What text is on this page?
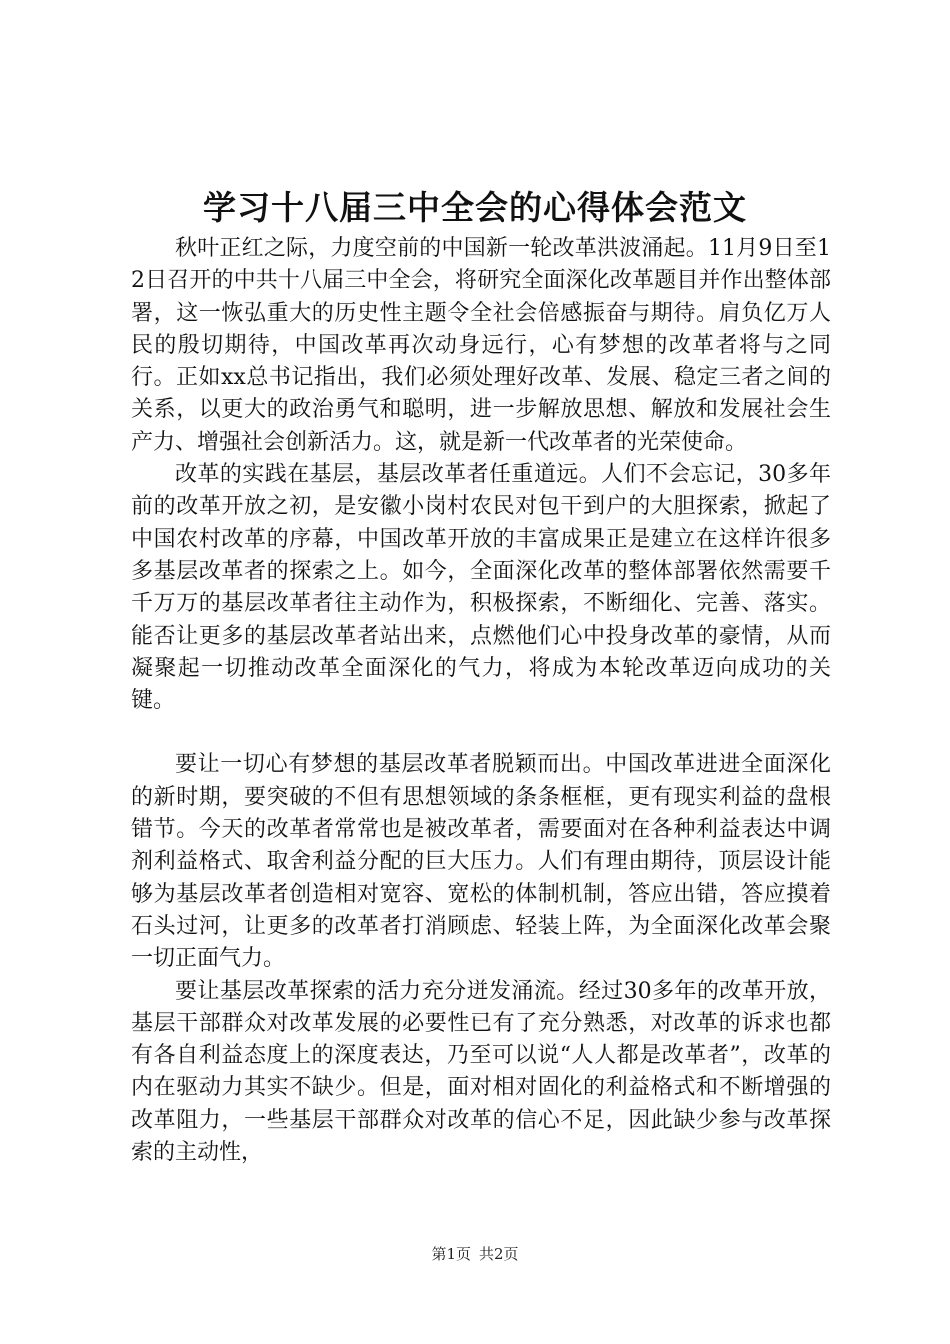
学习十八届三中全会的心得体会范文

秋叶正红之际，力度空前的中国新一轮改革洪波涌起。11月9日至12日召开的中共十八届三中全会，将研究全面深化改革题目并作出整体部署，这一恢弘重大的历史性主题令全社会倍感振奋与期待。肩负亿万人民的殷切期待，中国改革再次动身远行，心有梦想的改革者将与之同行。正如xx总书记指出，我们必须处理好改革、发展、稳定三者之间的关系，以更大的政治勇气和聪明，进一步解放思想、解放和发展社会生产力、增强社会创新活力。这，就是新一代改革者的光荣使命。

改革的实践在基层，基层改革者任重道远。人们不会忘记，30多年前的改革开放之初，是安徽小岗村农民对包干到户的大胆探索，掀起了中国农村改革的序幕，中国改革开放的丰富成果正是建立在这样许很多多基层改革者的探索之上。如今，全面深化改革的整体部署依然需要千千万万的基层改革者往主动作为，积极探索，不断细化、完善、落实。能否让更多的基层改革者站出来，点燃他们心中投身改革的豪情，从而凝聚起一切推动改革全面深化的气力，将成为本轮改革迈向成功的关键。

要让一切心有梦想的基层改革者脱颖而出。中国改革进进全面深化的新时期，要突破的不但有思想领域的条条框框，更有现实利益的盘根错节。今天的改革者常常也是被改革者，需要面对在各种利益表达中调剂利益格式、取舍利益分配的巨大压力。人们有理由期待，顶层设计能够为基层改革者创造相对宽容、宽松的体制机制，答应出错，答应摸着石头过河，让更多的改革者打消顾虑、轻装上阵，为全面深化改革会聚一切正面气力。

要让基层改革探索的活力充分迸发涌流。经过30多年的改革开放，基层干部群众对改革发展的必要性已有了充分熟悉，对改革的诉求也都有各自利益态度上的深度表达，乃至可以说“人人都是改革者”，改革的内在驱动力其实不缺少。但是，面对相对固化的利益格式和不断增强的改革阻力，一些基层干部群众对改革的信心不足，因此缺少参与改革探索的主动性，

第1页 共2页
